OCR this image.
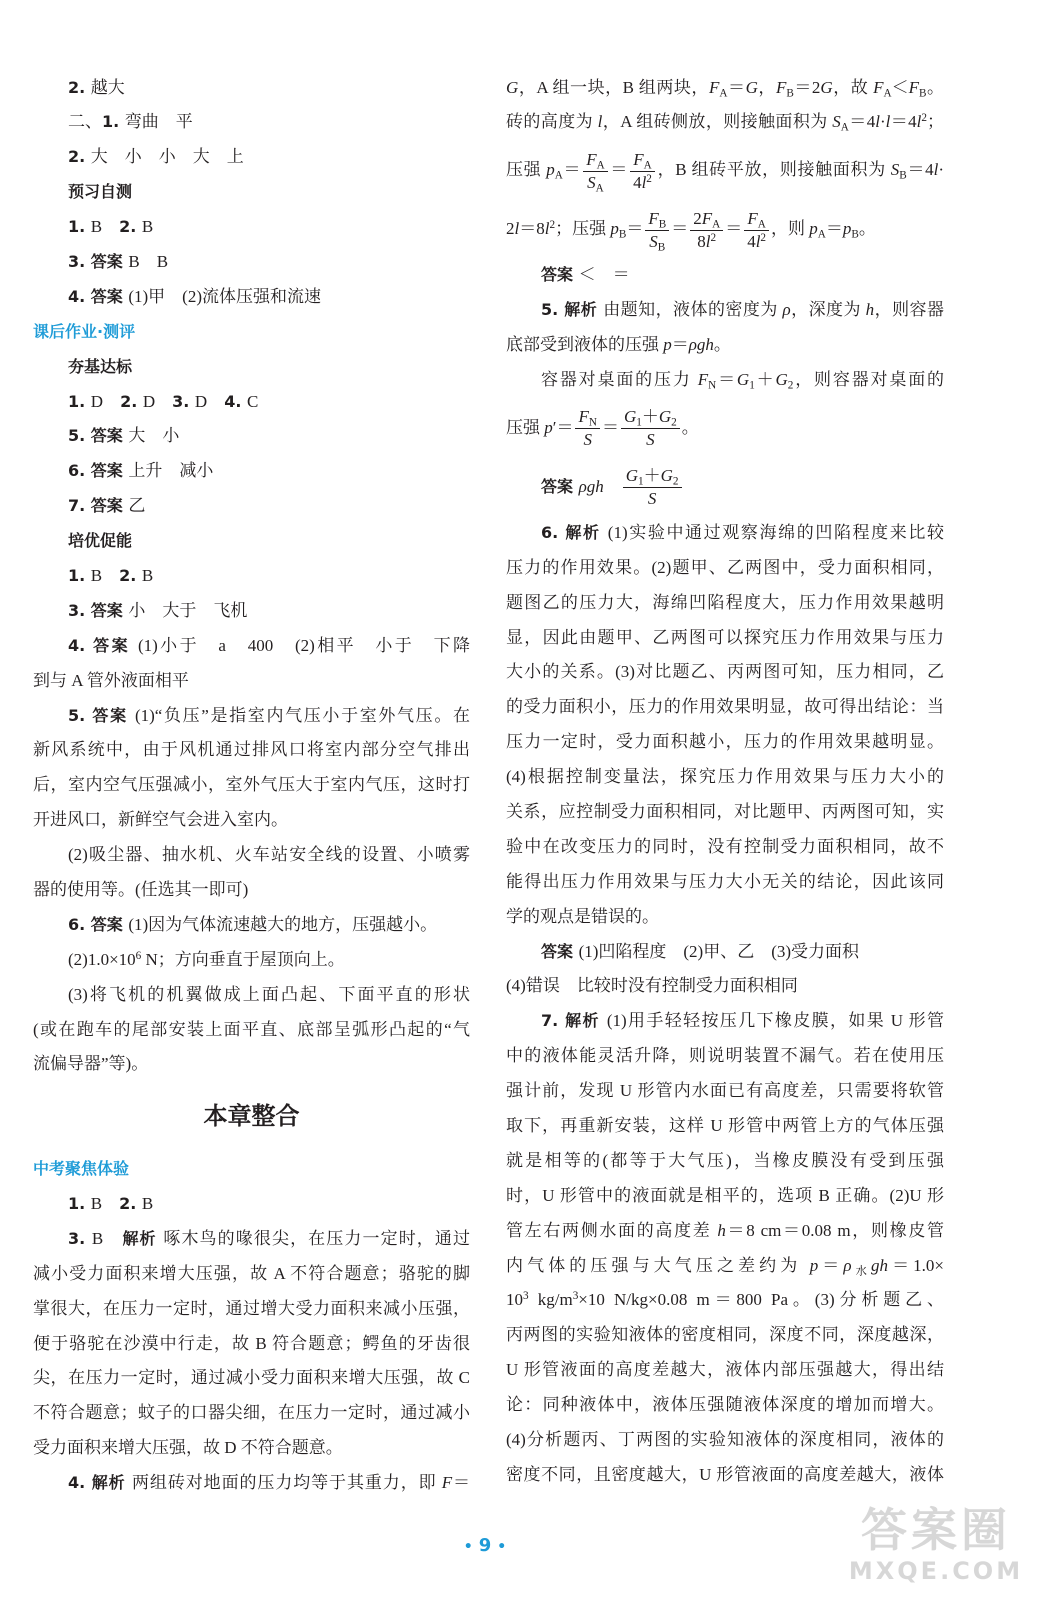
2. 越大
二、1. 弯曲　平
2. 大　小　小　大　上
预习自测
1. B　2. B
3. 答案 B　B
4. 答案 (1)甲　(2)流体压强和流速
课后作业·测评
夯基达标
1. D　2. D　3. D　4. C
5. 答案 大　小
6. 答案 上升　减小
7. 答案 乙
培优促能
1. B　2. B
3. 答案 小　大于　飞机
4. 答案 (1)小于　a　400　(2)相平　小于　下降
到与 A 管外液面相平
5. 答案 (1)“负压”是指室内气压小于室外气压。在
新风系统中，由于风机通过排风口将室内部分空气排出
后，室内空气压强减小，室外气压大于室内气压，这时打
开进风口，新鲜空气会进入室内。
(2)吸尘器、抽水机、火车站安全线的设置、小喷雾
器的使用等。(任选其一即可)
6. 答案 (1)因为气体流速越大的地方，压强越小。
$(2)1.0\times 10^6$ N；方向垂直于屋顶向上。
(3)将飞机的机翼做成上面凸起、下面平直的形状
(或在跑车的尾部安装上面平直、底部呈弧形凸起的“气
流偏导器”等)。
本章整合
中考聚焦体验
1. B　2. B
3. B　解析 啄木鸟的喙很尖，在压力一定时，通过
减小受力面积来增大压强，故 A 不符合题意；骆驼的脚
掌很大，在压力一定时，通过增大受力面积来减小压强，
便于骆驼在沙漠中行走，故 B 符合题意；鳄鱼的牙齿很
尖，在压力一定时，通过减小受力面积来增大压强，故 C
不符合题意；蚊子的口器尖细，在压力一定时，通过减小
受力面积来增大压强，故 D 不符合题意。
4. 解析 两组砖对地面的压力均等于其重力，即 F＝
G，A 组一块，B 组两块，$F_A=G$，$F_B=2G$，故 $F_A<F_B$。
砖的高度为 l，A 组砖侧放，则接触面积为 $S_A=4l\cdot l=4l^2$；
压强 $p_A= \frac{F_A}{S_A} = \frac{F_A}{4l^2}$ ，B 组砖平放，则接触面积为 $S_B=4l\cdot$
$2l=8l^2$；压强 $p_B= \frac{F_B}{S_B} = \frac{2F_A}{8l^2} = \frac{F_A}{4l^2}$ ，则 $p_A=p_B$。
答案 ＜　＝
5. 解析 由题知，液体的密度为 ρ，深度为 h，则容器
底部受到液体的压强 p＝ρgh。
容器对桌面的压力 $F_N=G_1+G_2$，则容器对桌面的
压强 $p'= \frac{F_N}{S} = \frac{G_1+G_2}{S}$ 。
答案 ρgh　 $\frac{G_1+G_2}{S}$
6. 解析 (1)实验中通过观察海绵的凹陷程度来比较
压力的作用效果。(2)题甲、乙两图中，受力面积相同，
题图乙的压力大，海绵凹陷程度大，压力作用效果越明
显，因此由题甲、乙两图可以探究压力作用效果与压力
大小的关系。(3)对比题乙、丙两图可知，压力相同，乙
的受力面积小，压力的作用效果明显，故可得出结论：当
压力一定时，受力面积越小，压力的作用效果越明显。
(4)根据控制变量法，探究压力作用效果与压力大小的
关系，应控制受力面积相同，对比题甲、丙两图可知，实
验中在改变压力的同时，没有控制受力面积相同，故不
能得出压力作用效果与压力大小无关的结论，因此该同
学的观点是错误的。
答案 (1)凹陷程度　(2)甲、乙　(3)受力面积
(4)错误　比较时没有控制受力面积相同
7. 解析 (1)用手轻轻按压几下橡皮膜，如果 U 形管
中的液体能灵活升降，则说明装置不漏气。若在使用压
强计前，发现 U 形管内水面已有高度差，只需要将软管
取下，再重新安装，这样 U 形管中两管上方的气体压强
就是相等的(都等于大气压)，当橡皮膜没有受到压强
时，U 形管中的液面就是相平的，选项 B 正确。(2)U 形
管左右两侧水面的高度差 h＝8 cm＝0.08 m，则橡皮管
内气体的压强与大气压之差约为 $p=\rho_水gh=1.0\times$
$10^3$ $kg/m^3\times 10$ N/kg×0.08 m＝800 Pa。(3)分析题乙、
丙两图的实验知液体的密度相同，深度不同，深度越深，
U 形管液面的高度差越大，液体内部压强越大，得出结
论：同种液体中，液体压强随液体深度的增加而增大。
(4)分析题丙、丁两图的实验知液体的深度相同，液体的
密度不同，且密度越大，U 形管液面的高度差越大，液体
• 9 •	答案圈
MXQE.COM
